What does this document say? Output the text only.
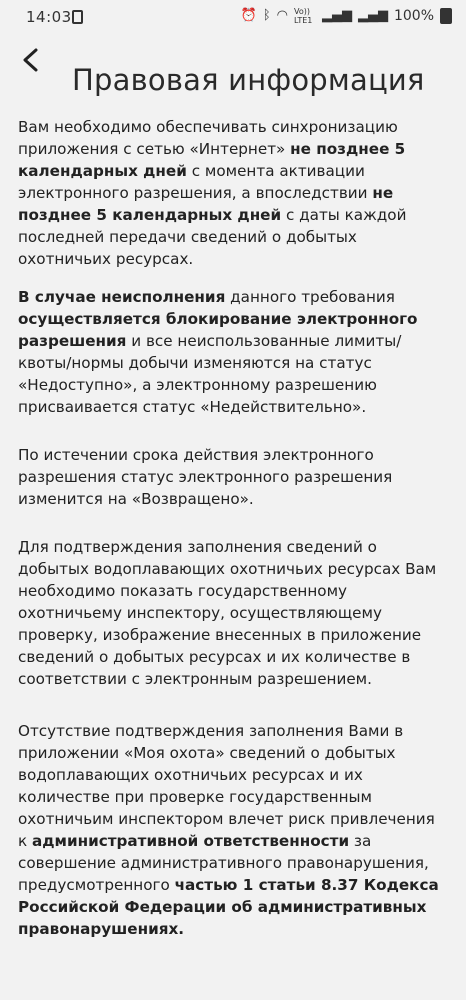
14:03	⏰ ᛒ ◠ Vo)) LTE1 ▂▄▆ ▂▄▆ 100%
Правовая информация

Вам необходимо обеспечивать синхронизацию приложения с сетью «Интернет» не позднее 5 календарных дней с момента активации электронного разрешения, а впоследствии не позднее 5 календарных дней с даты каждой последней передачи сведений о добытых охотничьих ресурсах.

В случае неисполнения данного требования осуществляется блокирование электронного разрешения и все неиспользованные лимиты/квоты/нормы добычи изменяются на статус «Недоступно», а электронному разрешению присваивается статус «Недействительно».

По истечении срока действия электронного разрешения статус электронного разрешения изменится на «Возвращено».

Для подтверждения заполнения сведений о добытых водоплавающих охотничьих ресурсах Вам необходимо показать государственному охотничьему инспектору, осуществляющему проверку, изображение внесенных в приложение сведений о добытых ресурсах и их количестве в соответствии с электронным разрешением.

Отсутствие подтверждения заполнения Вами в приложении «Моя охота» сведений о добытых водоплавающих охотничьих ресурсах и их количестве при проверке государственным охотничьим инспектором влечет риск привлечения к административной ответственности за совершение административного правонарушения, предусмотренного частью 1 статьи 8.37 Кодекса Российской Федерации об административных правонарушениях.
